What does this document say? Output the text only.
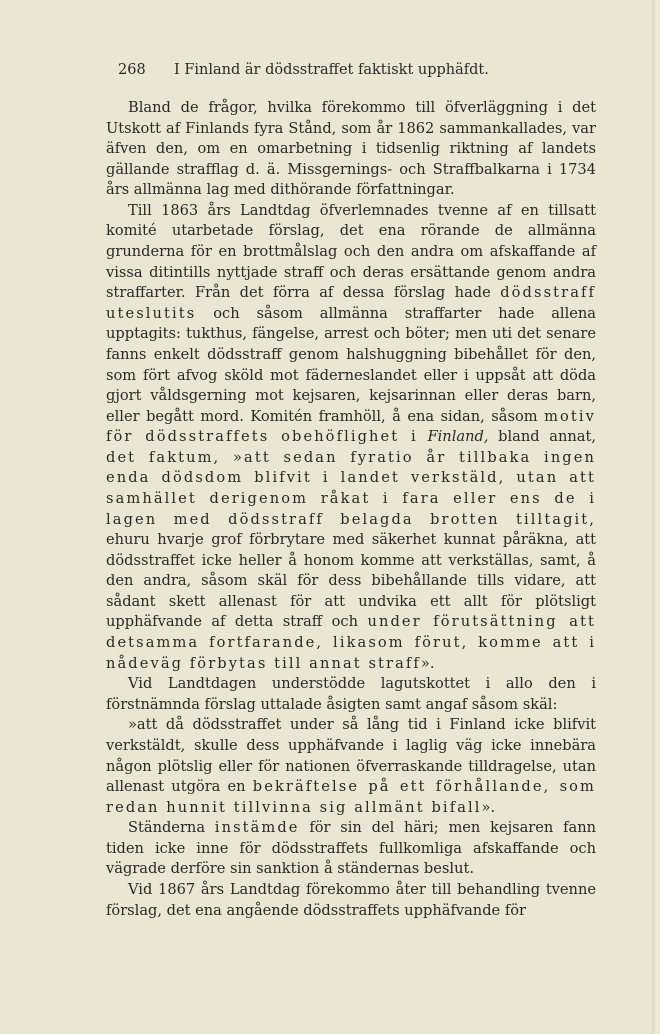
268 I Finland är dödsstraffet faktiskt upphäfdt.

Bland de frågor, hvilka förekommo till öfverläggning i det Utskott af Finlands fyra Stånd, som år 1862 sammankallades, var äfven den, om en omarbetning i tidsenlig riktning af landets gällande strafflag d. ä. Missgernings- och Straffbalkarna i 1734 års allmänna lag med dithörande författningar.

Till 1863 års Landtdag öfverlemnades tvenne af en tillsatt komité utarbetade förslag, det ena rörande de allmänna grunderna för en brottmålslag och den andra om afskaffande af vissa ditintills nyttjade straff och deras ersättande genom andra straffarter. Från det förra af dessa förslag hade dödsstraff uteslutits och såsom allmänna straffarter hade allena upptagits: tukthus, fängelse, arrest och böter; men uti det senare fanns enkelt dödsstraff genom halshuggning bibehållet för den, som fört afvog sköld mot fäderneslandet eller i uppsåt att döda gjort våldsgerning mot kejsaren, kejsarinnan eller deras barn, eller begått mord. Komitén framhöll, å ena sidan, såsom motiv för dödsstraffets obehöflighet i Finland, bland annat, det faktum, »att sedan fyratio år tillbaka ingen enda dödsdom blifvit i landet verkstäld, utan att samhället derigenom råkat i fara eller ens de i lagen med dödsstraff belagda brotten tilltagit, ehuru hvarje grof förbrytare med säkerhet kunnat påräkna, att dödsstraffet icke heller å honom komme att verkställas, samt, å den andra, såsom skäl för dess bibehållande tills vidare, att sådant skett allenast för att undvika ett allt för plötsligt upphäfvande af detta straff och under förutsättning att detsamma fortfarande, likasom förut, komme att i nådeväg förbytas till annat straff».

Vid Landtdagen understödde lagutskottet i allo den i förstnämnda förslag uttalade åsigten samt angaf såsom skäl:

»att då dödsstraffet under så lång tid i Finland icke blifvit verkstäldt, skulle dess upphäfvande i laglig väg icke innebära någon plötslig eller för nationen öfverraskande tilldragelse, utan allenast utgöra en bekräftelse på ett förhållande, som redan hunnit tillvinna sig allmänt bifall».

Ständerna instämde för sin del häri; men kejsaren fann tiden icke inne för dödsstraffets fullkomliga afskaffande och vägrade derföre sin sanktion å ständernas beslut.

Vid 1867 års Landtdag förekommo åter till behandling tvenne förslag, det ena angående dödsstraffets upphäfvande för
